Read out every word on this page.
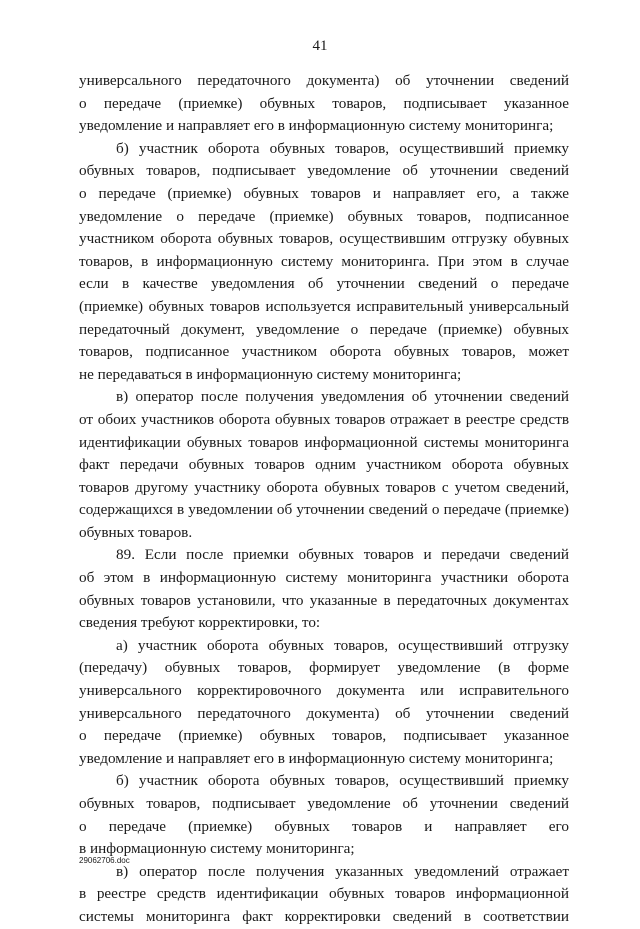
41
универсального передаточного документа) об уточнении сведений
о передаче (приемке) обувных товаров, подписывает указанное
уведомление и направляет его в информационную систему мониторинга;
б) участник оборота обувных товаров, осуществивший приемку
обувных товаров, подписывает уведомление об уточнении сведений
о передаче (приемке) обувных товаров и направляет его, а также
уведомление о передаче (приемке) обувных товаров, подписанное
участником оборота обувных товаров, осуществившим отгрузку обувных
товаров, в информационную систему мониторинга. При этом в случае
если в качестве уведомления об уточнении сведений о передаче
(приемке) обувных товаров используется исправительный универсальный
передаточный документ, уведомление о передаче (приемке) обувных
товаров, подписанное участником оборота обувных товаров, может
не передаваться в информационную систему мониторинга;
в) оператор после получения уведомления об уточнении сведений
от обоих участников оборота обувных товаров отражает в реестре средств
идентификации обувных товаров информационной системы мониторинга
факт передачи обувных товаров одним участником оборота обувных
товаров другому участнику оборота обувных товаров с учетом сведений,
содержащихся в уведомлении об уточнении сведений о передаче (приемке)
обувных товаров.
89. Если после приемки обувных товаров и передачи сведений
об этом в информационную систему мониторинга участники оборота
обувных товаров установили, что указанные в передаточных документах
сведения требуют корректировки, то:
а) участник оборота обувных товаров, осуществивший отгрузку
(передачу) обувных товаров, формирует уведомление (в форме
универсального корректировочного документа или исправительного
универсального передаточного документа) об уточнении сведений
о передаче (приемке) обувных товаров, подписывает указанное
уведомление и направляет его в информационную систему мониторинга;
б) участник оборота обувных товаров, осуществивший приемку
обувных товаров, подписывает уведомление об уточнении сведений
о передаче (приемке) обувных товаров и направляет его
в информационную систему мониторинга;
в) оператор после получения указанных уведомлений отражает
в реестре средств идентификации обувных товаров информационной
системы мониторинга факт корректировки сведений в соответствии
29062706.doc
